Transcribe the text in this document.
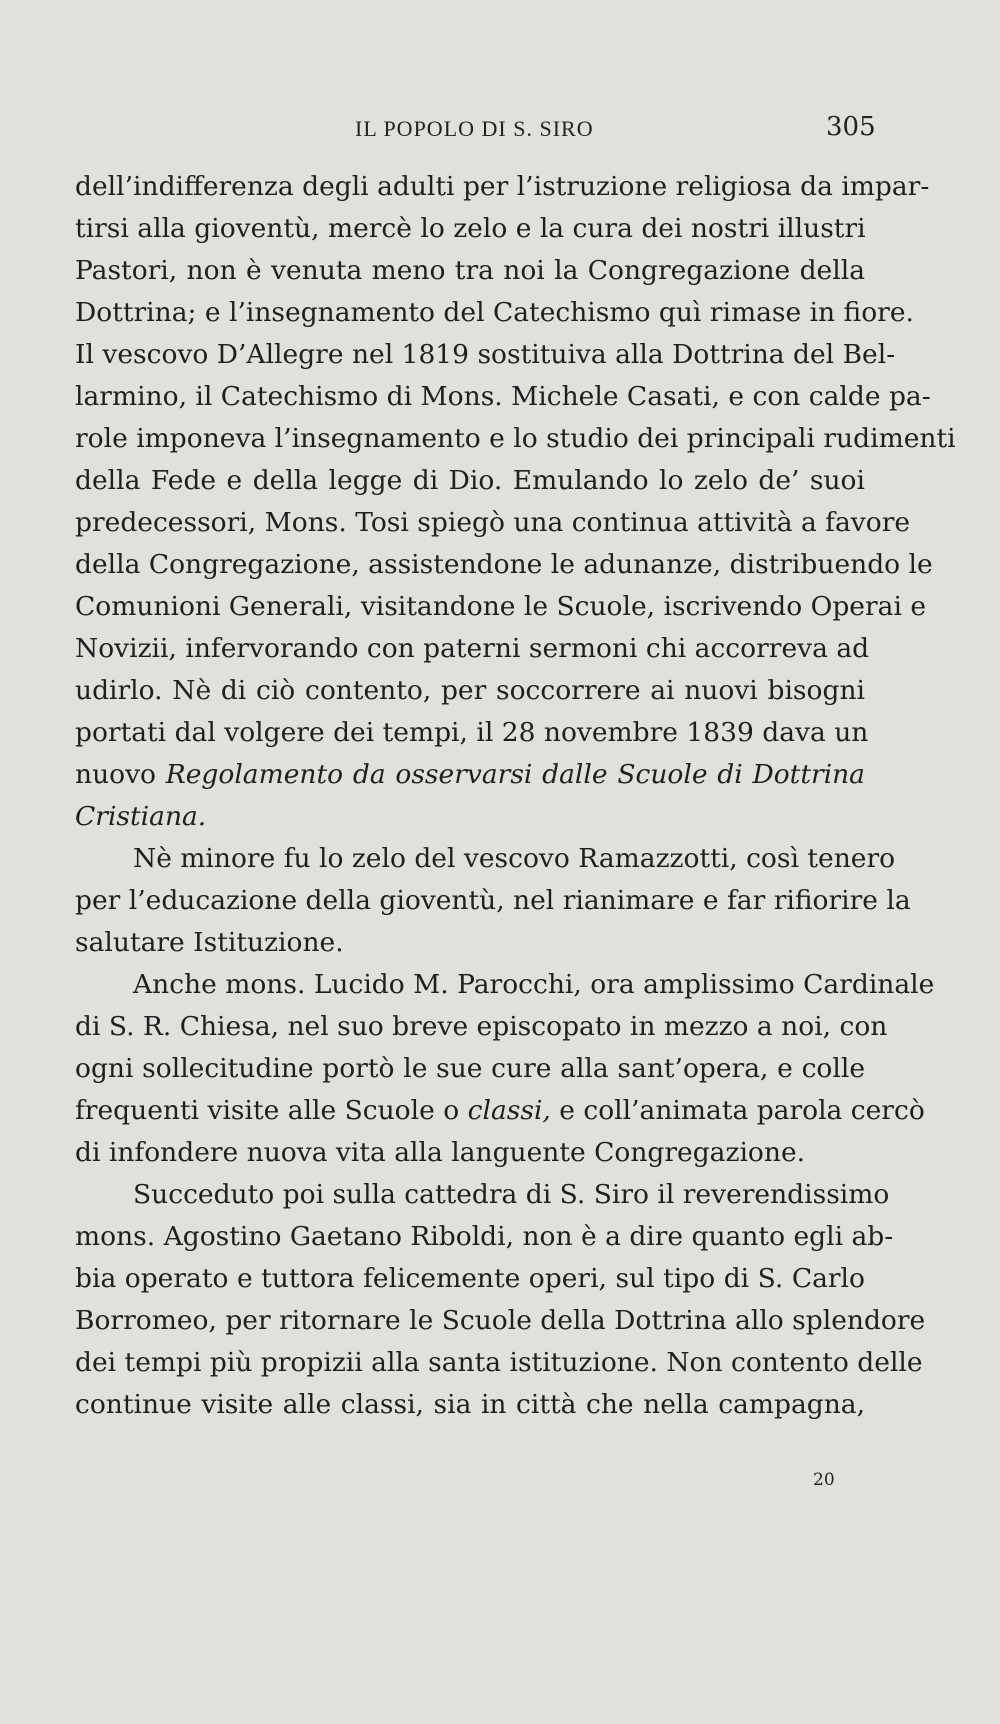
IL POPOLO DI S. SIRO	305
dell’indifferenza degli adulti per l’istruzione religiosa da impar-
tirsi alla gioventù, mercè lo zelo e la cura dei nostri illustri
Pastori, non è venuta meno tra noi la Congregazione della
Dottrina; e l’insegnamento del Catechismo quì rimase in fiore.
Il vescovo D’Allegre nel 1819 sostituiva alla Dottrina del Bel-
larmino, il Catechismo di Mons. Michele Casati, e con calde pa-
role imponeva l’insegnamento e lo studio dei principali rudimenti
della Fede e della legge di Dio. Emulando lo zelo de’ suoi
predecessori, Mons. Tosi spiegò una continua attività a favore
della Congregazione, assistendone le adunanze, distribuendo le
Comunioni Generali, visitandone le Scuole, iscrivendo Operai e
Novizii, infervorando con paterni sermoni chi accorreva ad
udirlo. Nè di ciò contento, per soccorrere ai nuovi bisogni
portati dal volgere dei tempi, il 28 novembre 1839 dava un
nuovo Regolamento da osservarsi dalle Scuole di Dottrina
Cristiana.
Nè minore fu lo zelo del vescovo Ramazzotti, così tenero
per l’educazione della gioventù, nel rianimare e far rifiorire la
salutare Istituzione.
Anche mons. Lucido M. Parocchi, ora amplissimo Cardinale
di S. R. Chiesa, nel suo breve episcopato in mezzo a noi, con
ogni sollecitudine portò le sue cure alla sant’opera, e colle
frequenti visite alle Scuole o classi, e coll’animata parola cercò
di infondere nuova vita alla languente Congregazione.
Succeduto poi sulla cattedra di S. Siro il reverendissimo
mons. Agostino Gaetano Riboldi, non è a dire quanto egli ab-
bia operato e tuttora felicemente operi, sul tipo di S. Carlo
Borromeo, per ritornare le Scuole della Dottrina allo splendore
dei tempi più propizii alla santa istituzione. Non contento delle
continue visite alle classi, sia in città che nella campagna,
20
